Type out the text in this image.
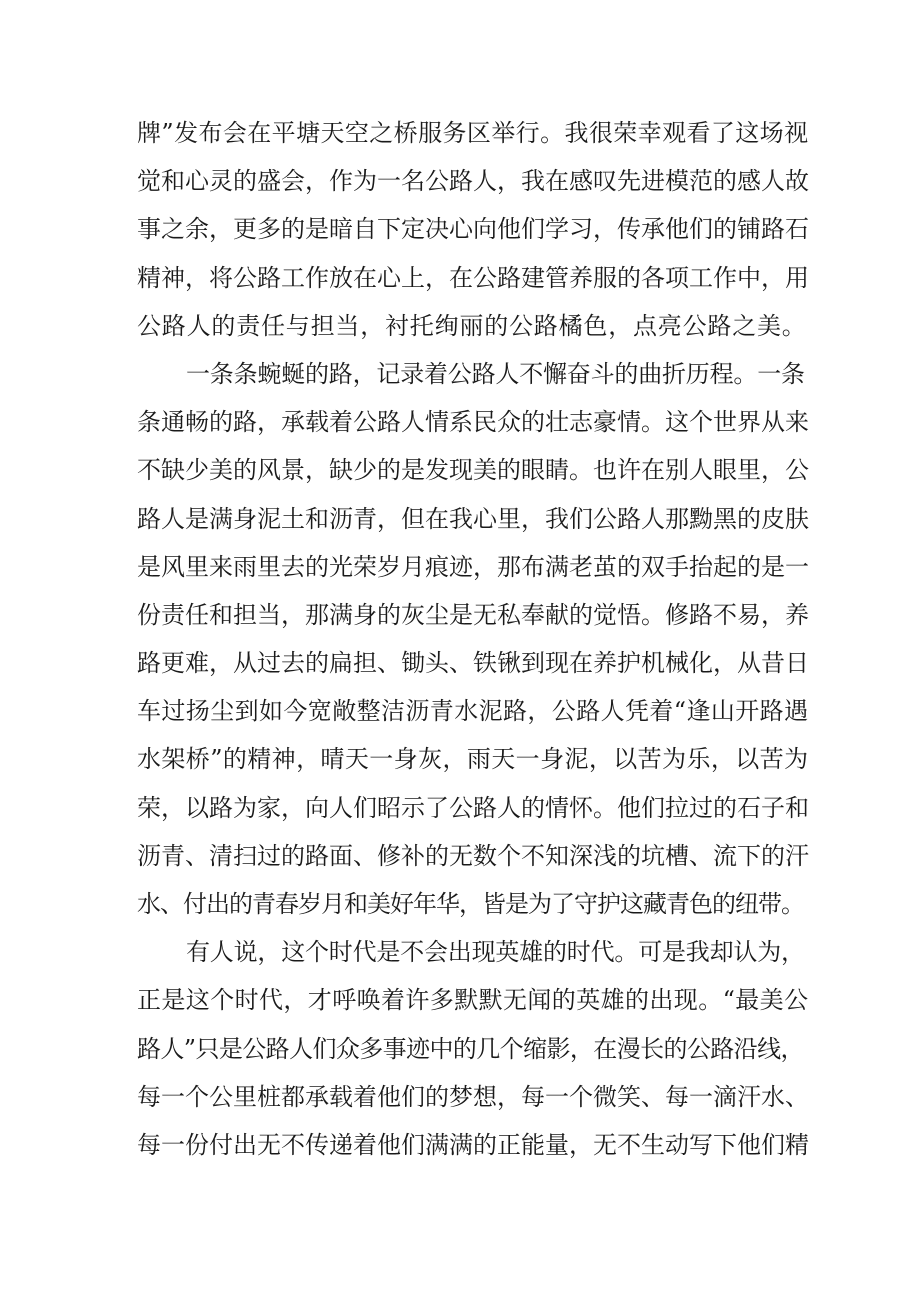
牌”发布会在平塘天空之桥服务区举行。我很荣幸观看了这场视
觉和心灵的盛会，作为一名公路人，我在感叹先进模范的感人故
事之余，更多的是暗自下定决心向他们学习，传承他们的铺路石
精神，将公路工作放在心上，在公路建管养服的各项工作中，用
公路人的责任与担当，衬托绚丽的公路橘色，点亮公路之美。
一条条蜿蜒的路，记录着公路人不懈奋斗的曲折历程。一条
条通畅的路，承载着公路人情系民众的壮志豪情。这个世界从来
不缺少美的风景，缺少的是发现美的眼睛。也许在别人眼里，公
路人是满身泥土和沥青，但在我心里，我们公路人那黝黑的皮肤
是风里来雨里去的光荣岁月痕迹，那布满老茧的双手抬起的是一
份责任和担当，那满身的灰尘是无私奉献的觉悟。修路不易，养
路更难，从过去的扁担、锄头、铁锹到现在养护机械化，从昔日
车过扬尘到如今宽敞整洁沥青水泥路，公路人凭着“逢山开路遇
水架桥”的精神，晴天一身灰，雨天一身泥，以苦为乐，以苦为
荣，以路为家，向人们昭示了公路人的情怀。他们拉过的石子和
沥青、清扫过的路面、修补的无数个不知深浅的坑槽、流下的汗
水、付出的青春岁月和美好年华，皆是为了守护这藏青色的纽带。
有人说，这个时代是不会出现英雄的时代。可是我却认为，
正是这个时代，才呼唤着许多默默无闻的英雄的出现。“最美公
路人”只是公路人们众多事迹中的几个缩影，在漫长的公路沿线，
每一个公里桩都承载着他们的梦想，每一个微笑、每一滴汗水、
每一份付出无不传递着他们满满的正能量，无不生动写下他们精
